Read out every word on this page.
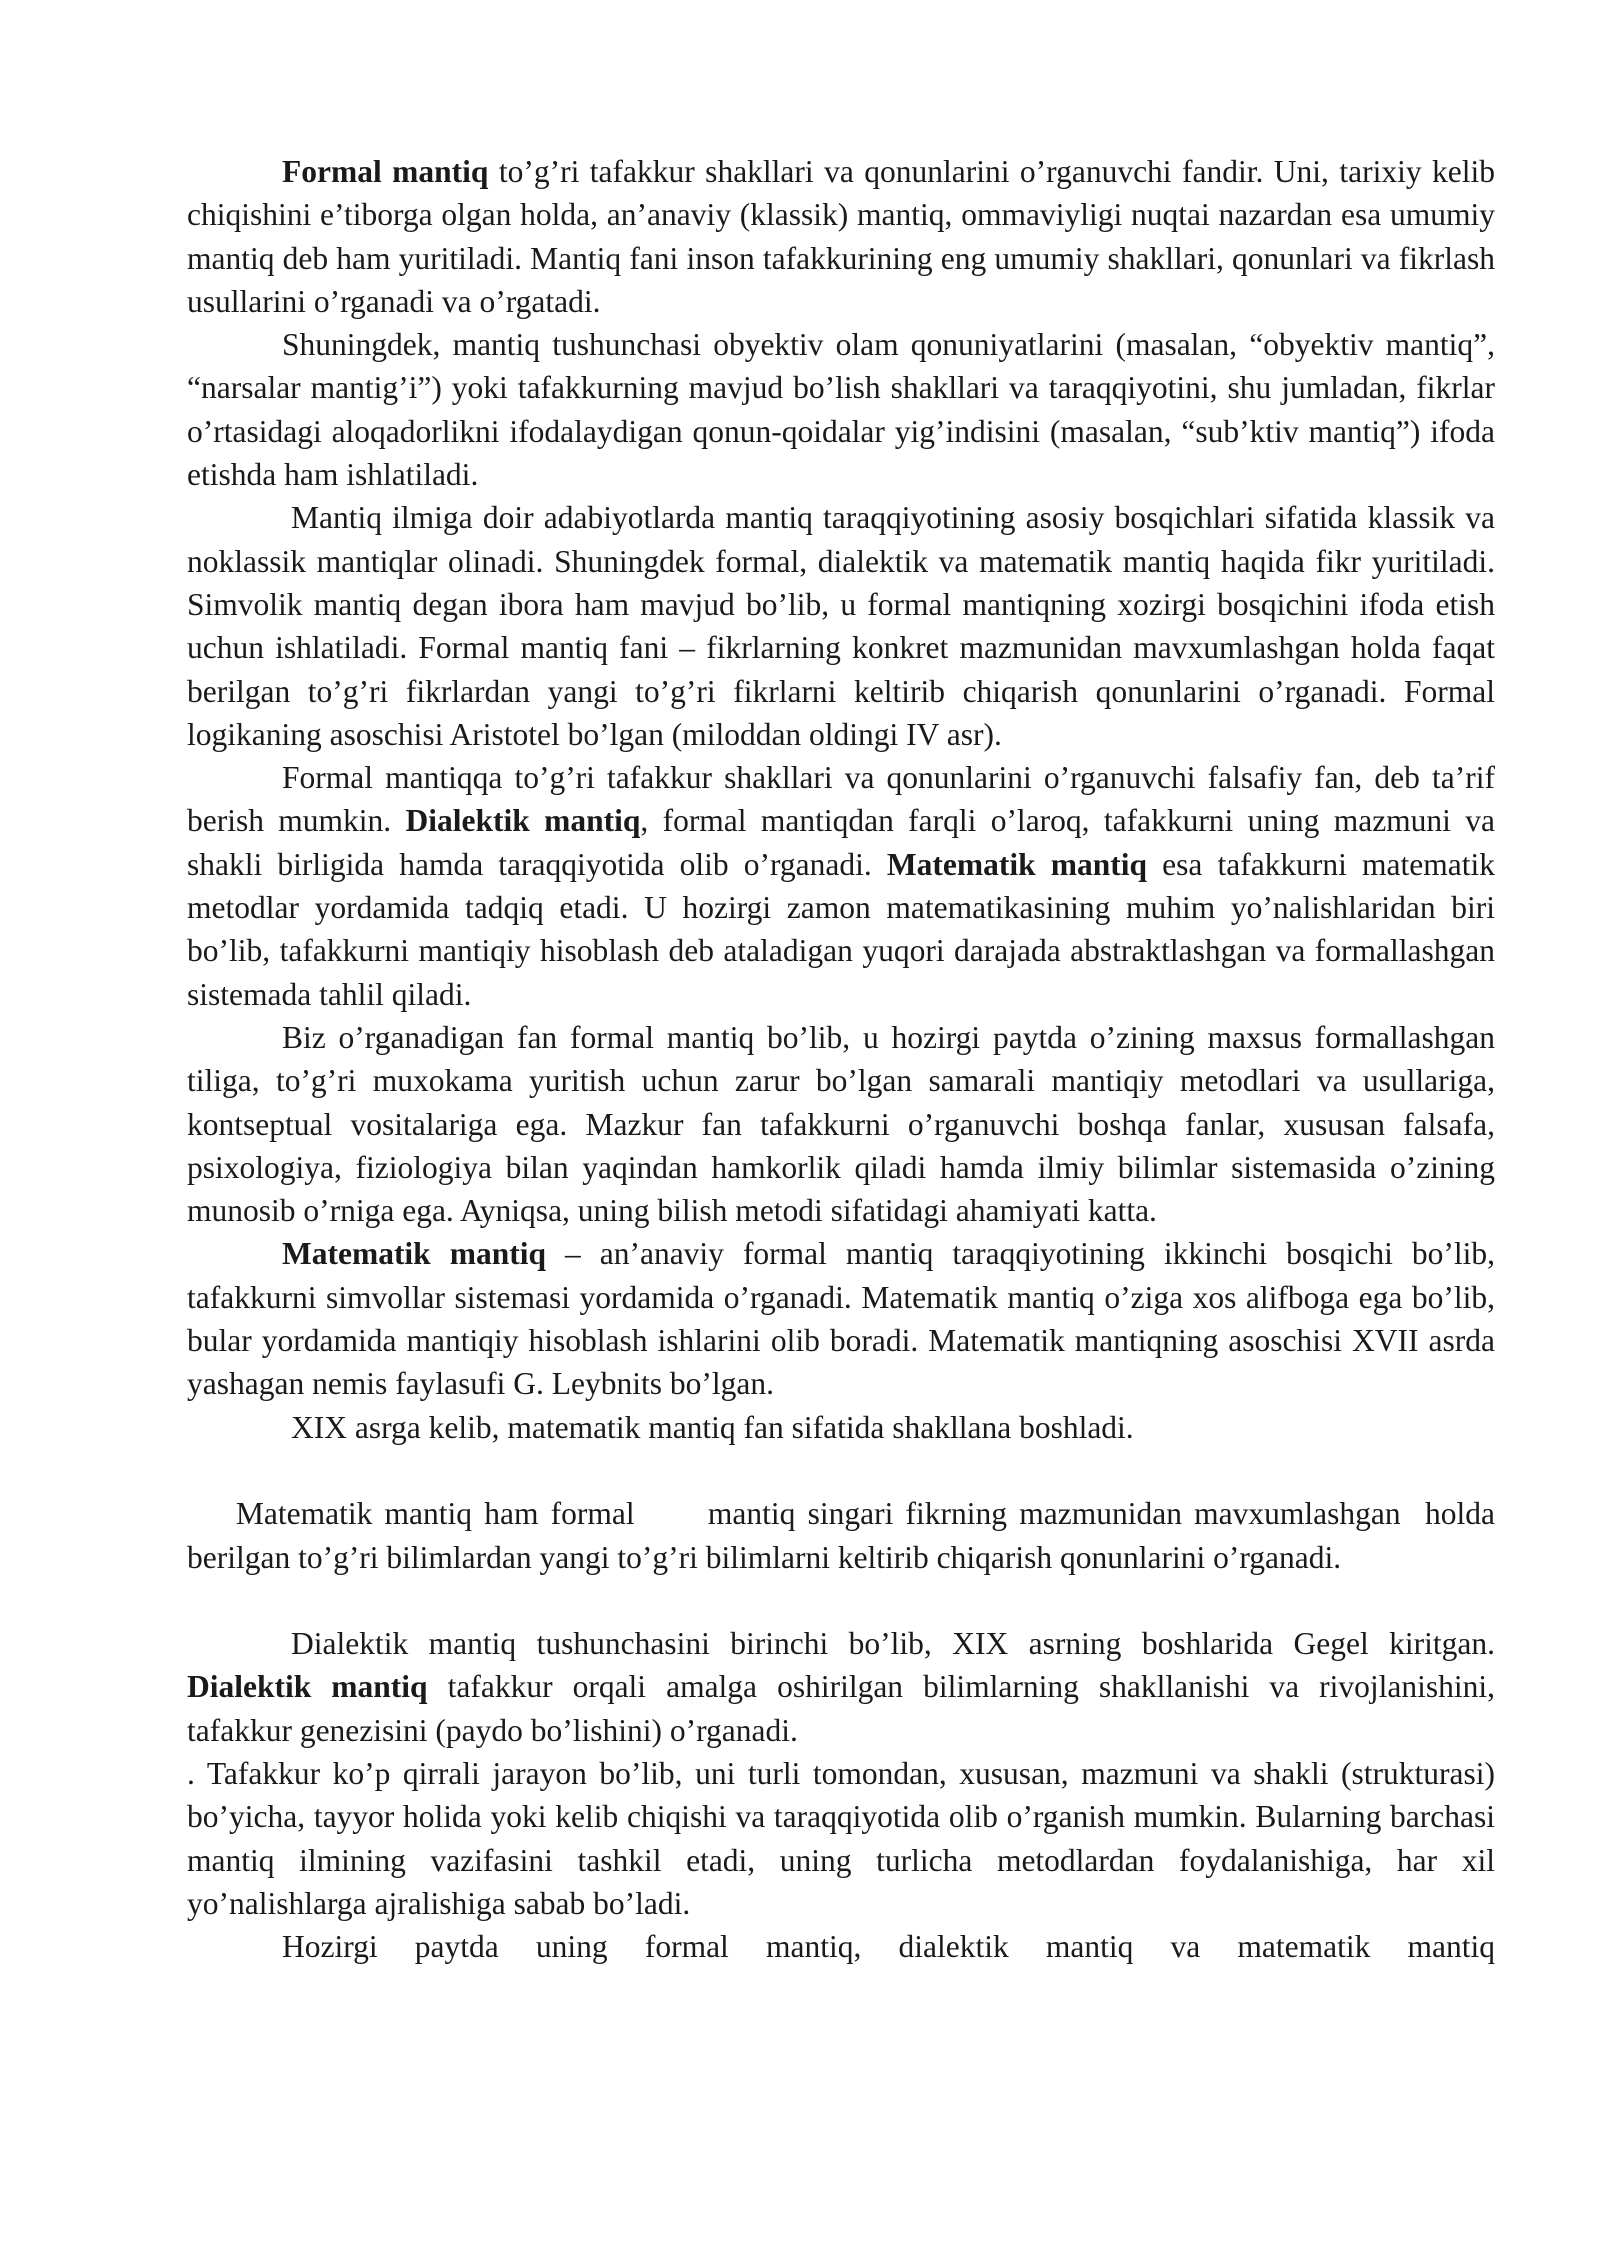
Formal mantiq to’g’ri tafakkur shakllari va qonunlarini o’rganuvchi fandir. Uni, tarixiy kelib chiqishini e’tiborga olgan holda, an’anaviy (klassik) mantiq, ommaviyligi nuqtai nazardan esa umumiy mantiq deb ham yuritiladi. Mantiq fani inson tafakkurining eng umumiy shakllari, qonunlari va fikrlash usullarini o’rganadi va o’rgatadi.

Shuningdek, mantiq tushunchasi obyektiv olam qonuniyatlarini (masalan, “obyektiv mantiq”, “narsalar mantig’i”) yoki tafakkurning mavjud bo’lish shakllari va taraqqiyotini, shu jumladan, fikrlar o’rtasidagi aloqadorlikni ifodalaydigan qonun-qoidalar yig’indisini (masalan, “sub’ktiv mantiq”) ifoda etishda ham ishlatiladi.

Mantiq ilmiga doir adabiyotlarda mantiq taraqqiyotining asosiy bosqichlari sifatida klassik va noklassik mantiqlar olinadi. Shuningdek formal, dialektik va matematik mantiq haqida fikr yuritiladi. Simvolik mantiq degan ibora ham mavjud bo’lib, u formal mantiqning xozirgi bosqichini ifoda etish uchun ishlatiladi. Formal mantiq fani – fikrlarning konkret mazmunidan mavxumlashgan holda faqat berilgan to’g’ri fikrlardan yangi to’g’ri fikrlarni keltirib chiqarish qonunlarini o’rganadi. Formal logikaning asoschisi Aristotel bo’lgan (miloddan oldingi IV asr).

Formal mantiqqa to’g’ri tafakkur shakllari va qonunlarini o’rganuvchi falsafiy fan, deb ta’rif berish mumkin. Dialektik mantiq, formal mantiqdan farqli o’laroq, tafakkurni uning mazmuni va shakli birligida hamda taraqqiyotida olib o’rganadi. Matematik mantiq esa tafakkurni matematik metodlar yordamida tadqiq etadi. U hozirgi zamon matematikasining muhim yo’nalishlaridan biri bo’lib, tafakkurni mantiqiy hisoblash deb ataladigan yuqori darajada abstraktlashgan va formallashgan sistemada tahlil qiladi.

Biz o’rganadigan fan formal mantiq bo’lib, u hozirgi paytda o’zining maxsus formallashgan tiliga, to’g’ri muxokama yuritish uchun zarur bo’lgan samarali mantiqiy metodlari va usullariga, kontseptual vositalariga ega. Mazkur fan tafakkurni o’rganuvchi boshqa fanlar, xususan falsafa, psixologiya, fiziologiya bilan yaqindan hamkorlik qiladi hamda ilmiy bilimlar sistemasida o’zining munosib o’rniga ega. Ayniqsa, uning bilish metodi sifatidagi ahamiyati katta.

Matematik mantiq – an’anaviy formal mantiq taraqqiyotining ikkinchi bosqichi bo’lib, tafakkurni simvollar sistemasi yordamida o’rganadi. Matematik mantiq o’ziga xos alifboga ega bo’lib, bular yordamida mantiqiy hisoblash ishlarini olib boradi. Matematik mantiqning asoschisi XVII asrda yashagan nemis faylasufi G. Leybnits bo’lgan.

XIX asrga kelib, matematik mantiq fan sifatida shakllana boshladi.

Matematik mantiq ham formal      mantiq singari fikrning mazmunidan mavxumlashgan  holda berilgan to’g’ri bilimlardan yangi to’g’ri bilimlarni keltirib chiqarish qonunlarini o’rganadi.

Dialektik mantiq tushunchasini birinchi bo’lib, XIX asrning boshlarida Gegel kiritgan. Dialektik mantiq tafakkur orqali amalga oshirilgan bilimlarning shakllanishi va rivojlanishini, tafakkur genezisini (paydo bo’lishini) o’rganadi.

. Tafakkur ko’p qirrali jarayon bo’lib, uni turli tomondan, xususan, mazmuni va shakli (strukturasi) bo’yicha, tayyor holida yoki kelib chiqishi va taraqqiyotida olib o’rganish mumkin. Bularning barchasi mantiq ilmining vazifasini tashkil etadi, uning turlicha metodlardan foydalanishiga, har xil yo’nalishlarga ajralishiga sabab bo’ladi.

Hozirgi paytda uning formal mantiq, dialektik mantiq va matematik mantiq
